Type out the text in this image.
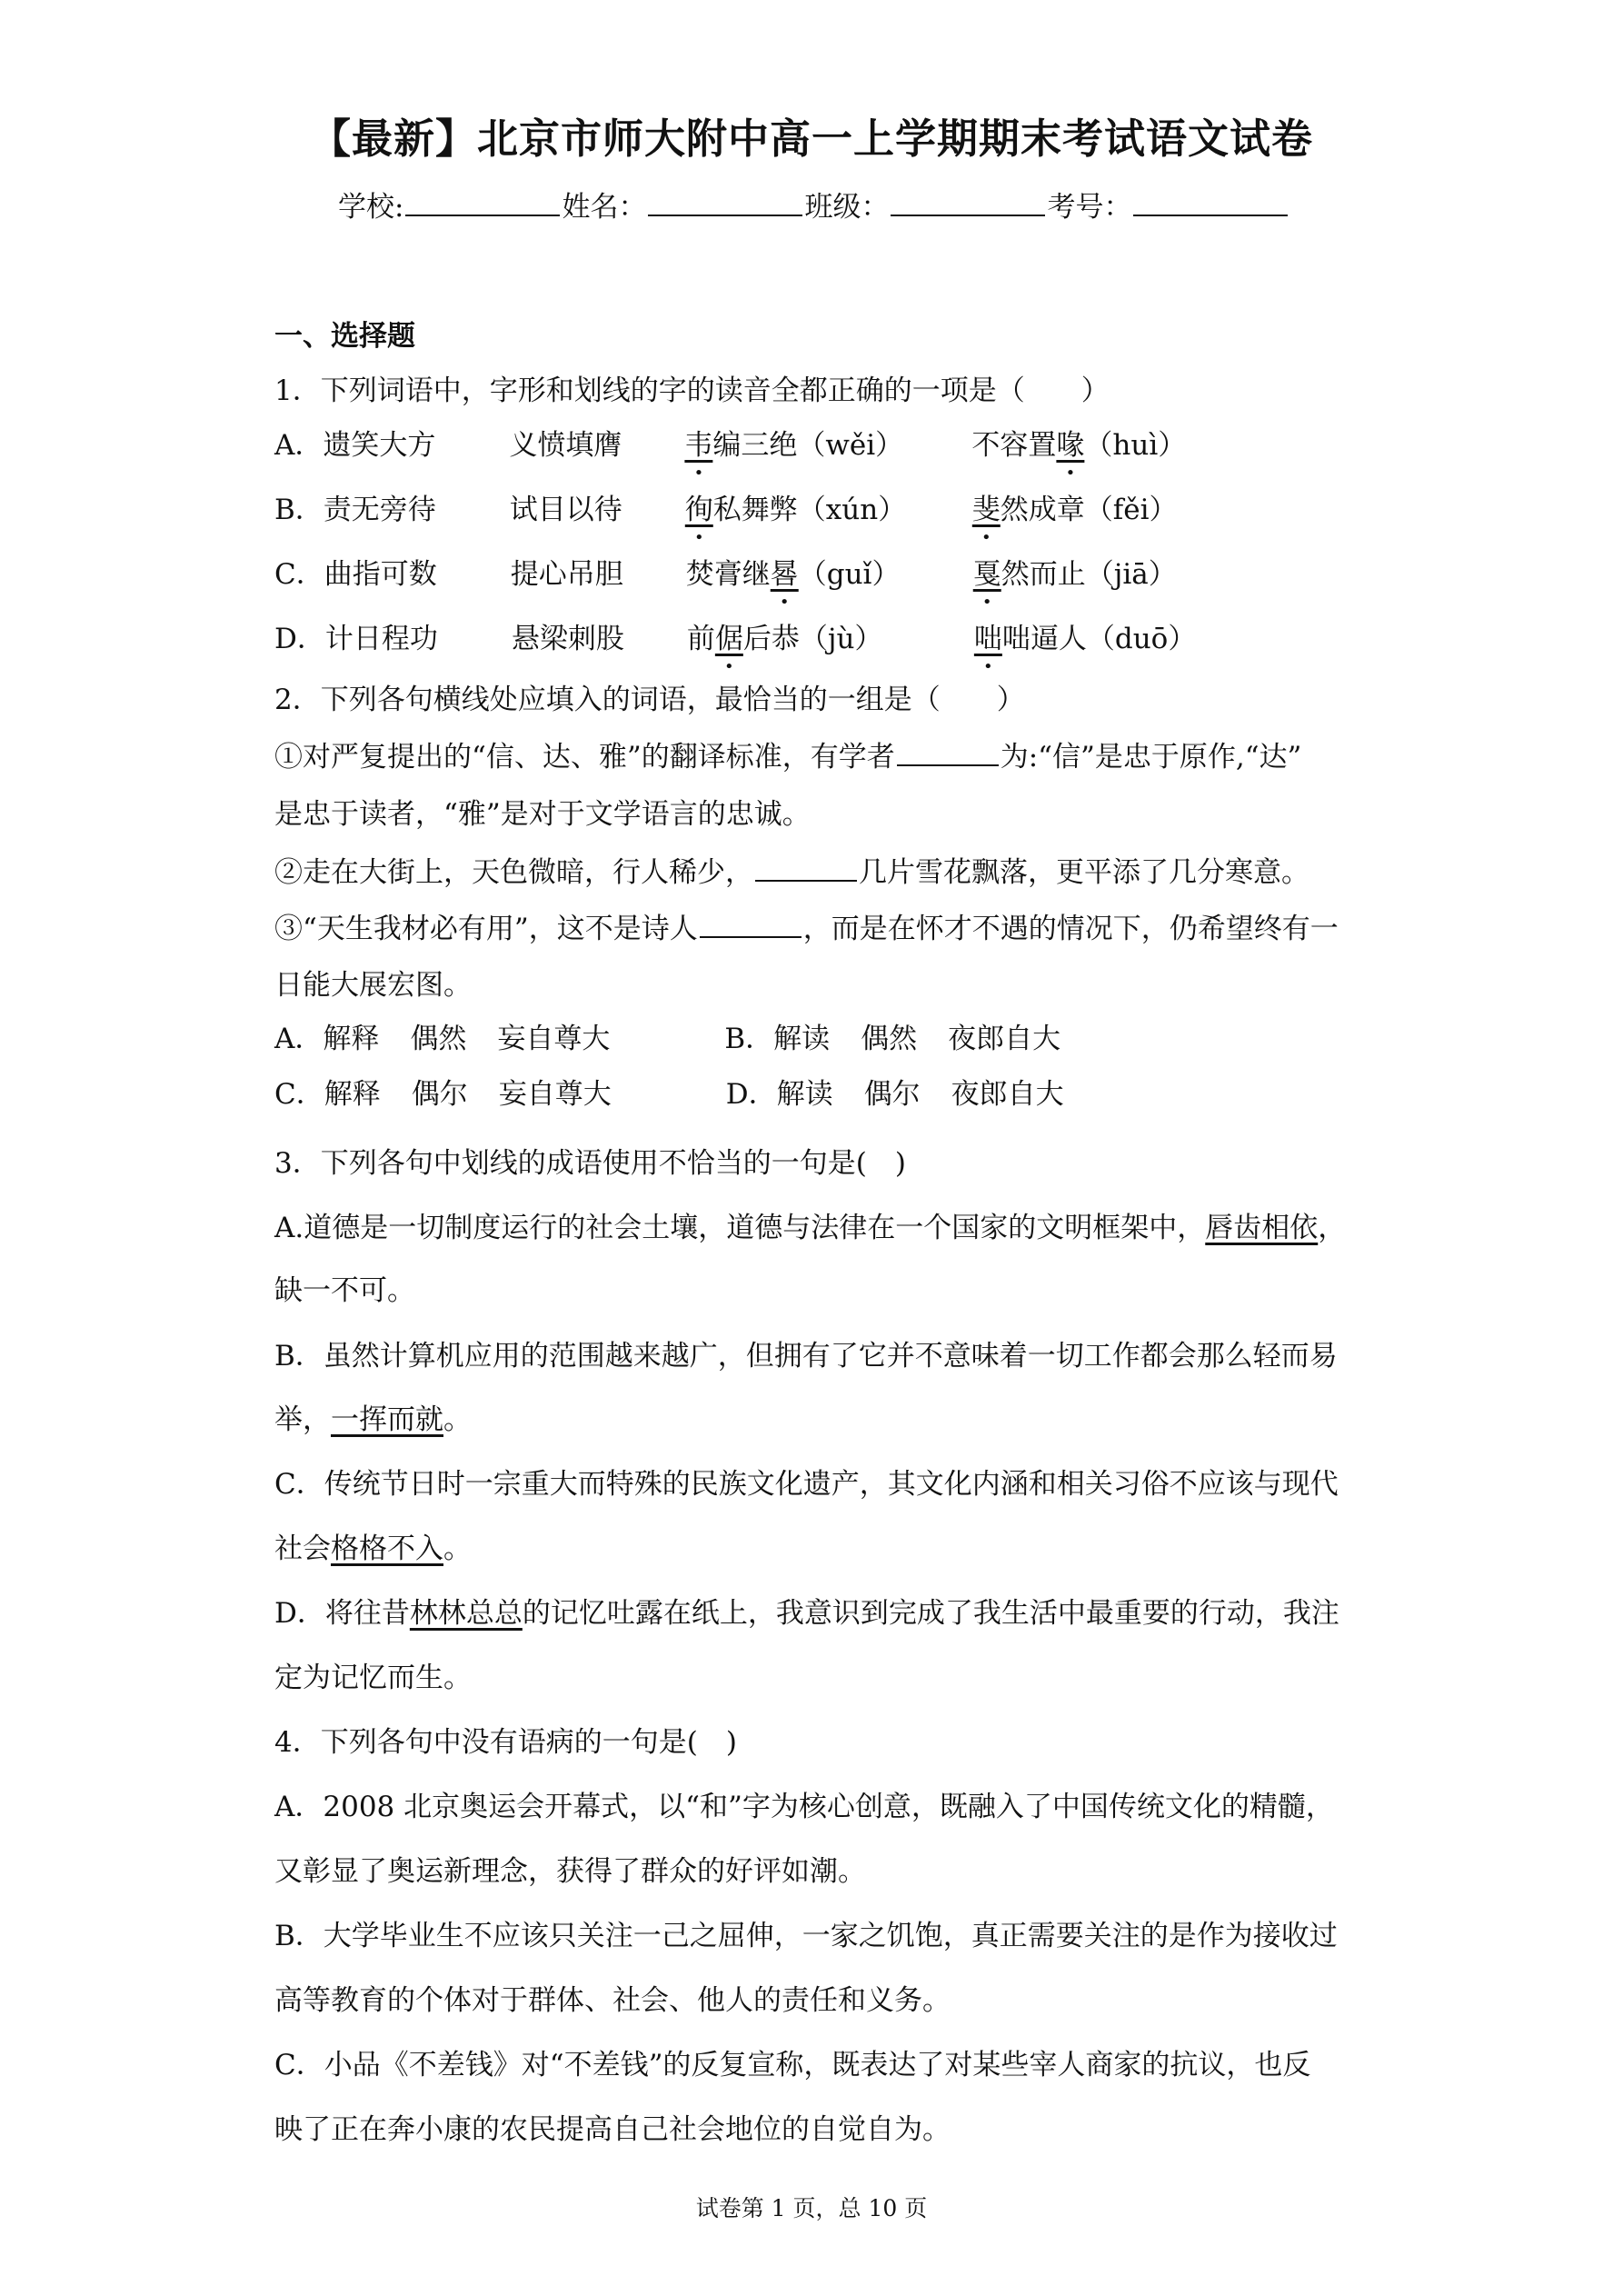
【最新】北京市师大附中高一上学期期末考试语文试卷
学校:	姓名：	班级：	考号：
一、选择题
1．下列词语中，字形和划线的字的读音全都正确的一项是（　　）
A．遗笑大方	义愤填膺 韦编三绝（wěi） 不容置喙（huì）
B．责无旁待	试目以待 徇私舞弊（xún） 斐然成章（fěi）
C．曲指可数	提心吊胆 焚膏继晷（guǐ）	戛然而止（jiā）
D．计日程功	悬梁刺股 前倨后恭（jù）	咄咄逼人（duō）
2．下列各句横线处应填入的词语，最恰当的一组是（　　）
①对严复提出的“信、达、雅”的翻译标准，有学者	为:“信”是忠于原作,“达”
是忠于读者，“雅”是对于文学语言的忠诚。
②走在大街上，天色微暗，行人稀少，	几片雪花飘落，更平添了几分寒意。
③“天生我材必有用”，这不是诗人	，而是在怀才不遇的情况下，仍希望终有一
日能大展宏图。
A．解释 偶然 妄自尊大	B．解读 偶然 夜郎自大
C．解释 偶尔 妄自尊大	D．解读 偶尔 夜郎自大
3．下列各句中划线的成语使用不恰当的一句是(　)
A.道德是一切制度运行的社会土壤，道德与法律在一个国家的文明框架中，唇齿相依，
缺一不可。
B．虽然计算机应用的范围越来越广，但拥有了它并不意味着一切工作都会那么轻而易
举，一挥而就。
C．传统节日时一宗重大而特殊的民族文化遗产，其文化内涵和相关习俗不应该与现代
社会格格不入。
D．将往昔林林总总的记忆吐露在纸上，我意识到完成了我生活中最重要的行动，我注
定为记忆而生。
4．下列各句中没有语病的一句是(　)
A．2008 北京奥运会开幕式，以“和”字为核心创意，既融入了中国传统文化的精髓，
又彰显了奥运新理念，获得了群众的好评如潮。
B．大学毕业生不应该只关注一己之屈伸，一家之饥饱，真正需要关注的是作为接收过
高等教育的个体对于群体、社会、他人的责任和义务。
C．小品《不差钱》对“不差钱”的反复宣称，既表达了对某些宰人商家的抗议，也反
映了正在奔小康的农民提高自己社会地位的自觉自为。
试卷第 1 页，总 10 页
